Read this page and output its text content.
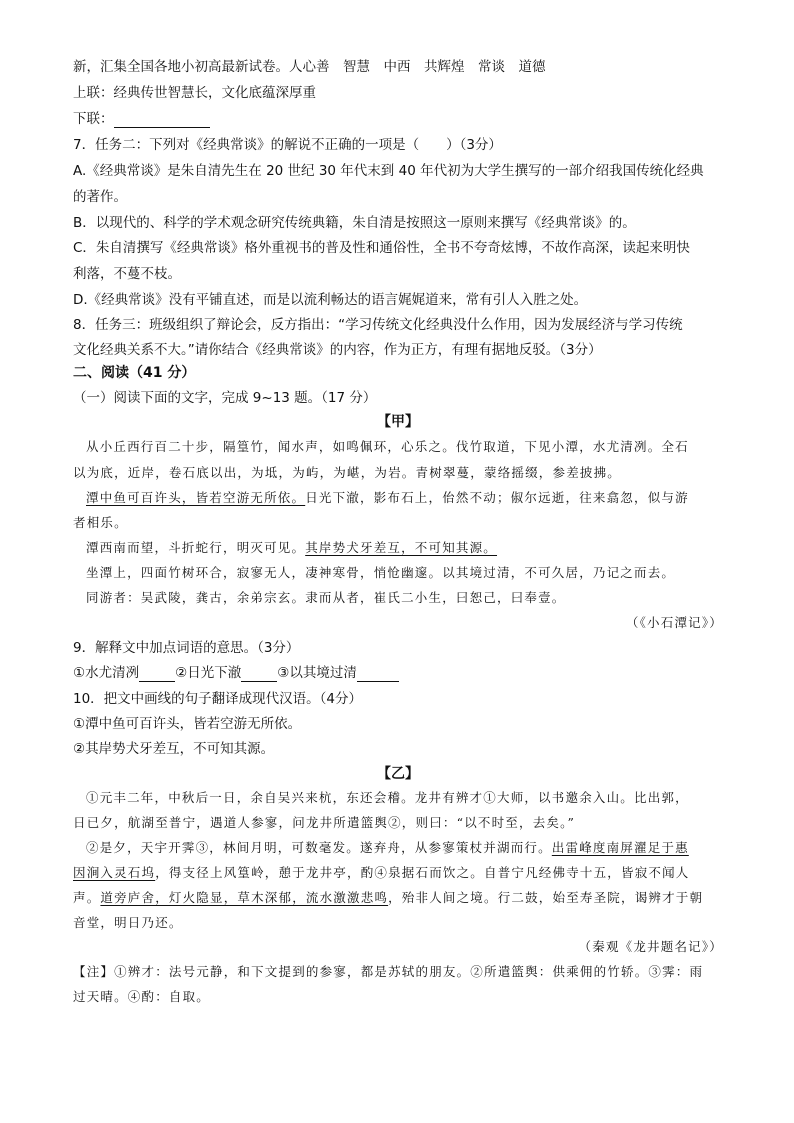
新，汇集全国各地小初高最新试卷。人心善　智慧　中西　共辉煌　常谈　道德
上联：经典传世智慧长，文化底蕴深厚重
下联：
7．任务二：下列对《经典常谈》的解说不正确的一项是（　　）（3分）
A.《经典常谈》是朱自清先生在 20 世纪 30 年代末到 40 年代初为大学生撰写的一部介绍我国传统化经典
的著作。
B．以现代的、科学的学术观念研究传统典籍，朱自清是按照这一原则来撰写《经典常谈》的。
C．朱自清撰写《经典常谈》格外重视书的普及性和通俗性，全书不夸奇炫博，不故作高深，读起来明快
利落，不蔓不枝。
D.《经典常谈》没有平铺直述，而是以流利畅达的语言娓娓道来，常有引人入胜之处。
8．任务三：班级组织了辩论会，反方指出：“学习传统文化经典没什么作用，因为发展经济与学习传统
文化经典关系不大。”请你结合《经典常谈》的内容，作为正方，有理有据地反驳。（3分）
二、阅读（41 分）
（一）阅读下面的文字，完成 9~13 题。（17 分）
【甲】
从小丘西行百二十步，隔篁竹，闻水声，如鸣佩环，心乐之。伐竹取道，下见小潭，水尤清冽。全石
以为底，近岸，卷石底以出，为坻，为屿，为嵁，为岩。青树翠蔓，蒙络摇缀，参差披拂。
潭中鱼可百许头，皆若空游无所依。日光下澈，影布石上，佁然不动；俶尔远逝，往来翕忽，似与游
者相乐。
潭西南而望，斗折蛇行，明灭可见。其岸势犬牙差互，不可知其源。
坐潭上，四面竹树环合，寂寥无人，凄神寒骨，悄怆幽邃。以其境过清，不可久居，乃记之而去。
同游者：吴武陵，龚古，余弟宗玄。隶而从者，崔氏二小生，曰恕己，曰奉壹。
（《小石潭记》）
9．解释文中加点词语的意思。（3分）
①水尤清冽	②日光下澈	③以其境过清
10．把文中画线的句子翻译成现代汉语。（4分）
①潭中鱼可百许头，皆若空游无所依。
②其岸势犬牙差互，不可知其源。
【乙】
①元丰二年，中秋后一日，余自吴兴来杭，东还会稽。龙井有辨才①大师，以书邀余入山。比出郭，
日已夕，航湖至普宁，遇道人参寥，问龙井所遣篮舆②，则曰：“以不时至，去矣。”
②是夕，天宇开霁③，林间月明，可数毫发。遂弃舟，从参寥策杖并湖而行。出雷峰度南屏濯足于惠
因涧入灵石坞，得支径上风篁岭，憩于龙井亭，酌④泉据石而饮之。自普宁凡经佛寺十五，皆寂不闻人
声。道旁庐舍，灯火隐显，草木深郁，流水激激悲鸣，殆非人间之境。行二鼓，始至寿圣院，谒辨才于朝
音堂，明日乃还。
（秦观《龙井题名记》）
【注】①辨才：法号元静，和下文提到的参寥，都是苏轼的朋友。②所遣篮舆：供乘佣的竹轿。③霁：雨
过天晴。④酌：自取。
